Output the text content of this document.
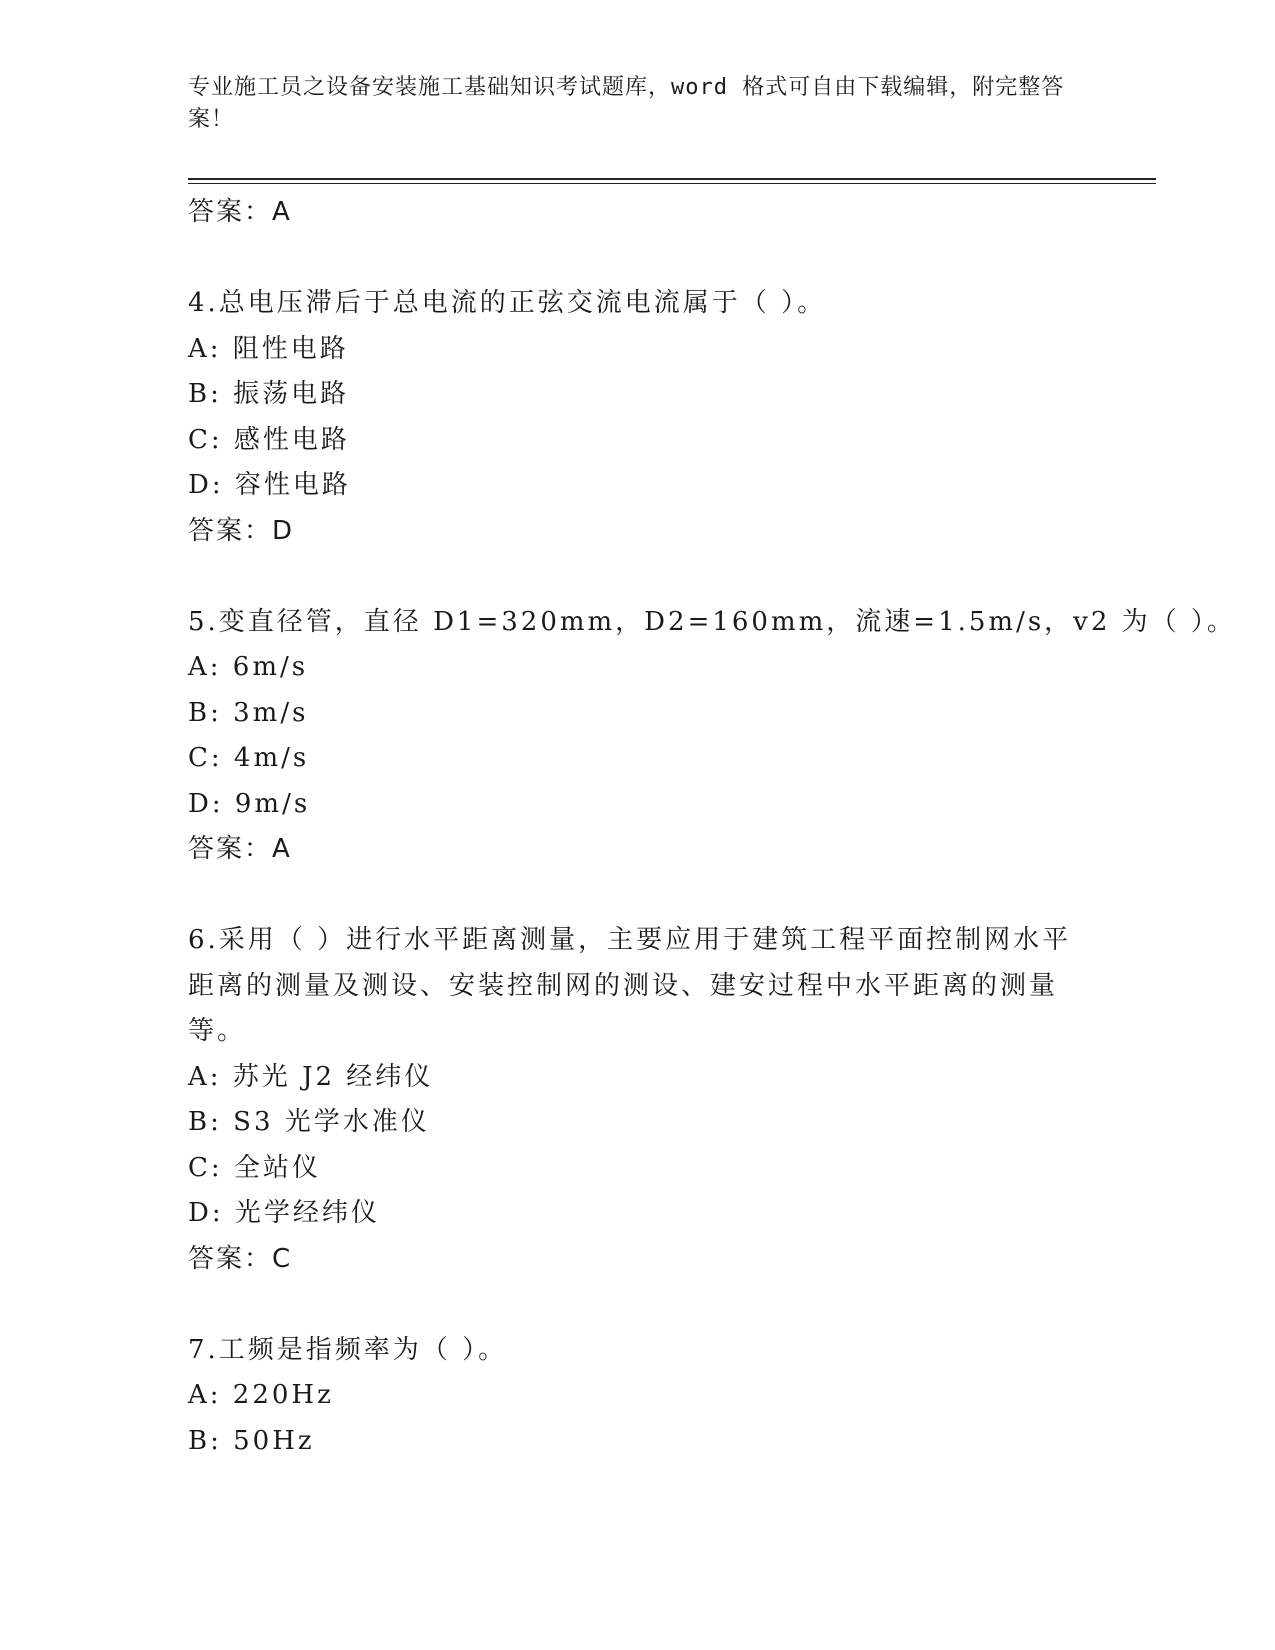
专业施工员之设备安装施工基础知识考试题库，word 格式可自由下载编辑，附完整答案！
答案：A
4.总电压滞后于总电流的正弦交流电流属于（ ）。
A: 阻性电路
B: 振荡电路
C: 感性电路
D: 容性电路
答案：D
5.变直径管，直径 D1=320mm，D2=160mm，流速=1.5m/s，v2 为（ ）。
A: 6m/s
B: 3m/s
C: 4m/s
D: 9m/s
答案：A
6.采用（ ）进行水平距离测量，主要应用于建筑工程平面控制网水平
距离的测量及测设、安装控制网的测设、建安过程中水平距离的测量
等。
A: 苏光 J2 经纬仪
B: S3 光学水准仪
C: 全站仪
D: 光学经纬仪
答案：C
7.工频是指频率为（ ）。
A: 220Hz
B: 50Hz
